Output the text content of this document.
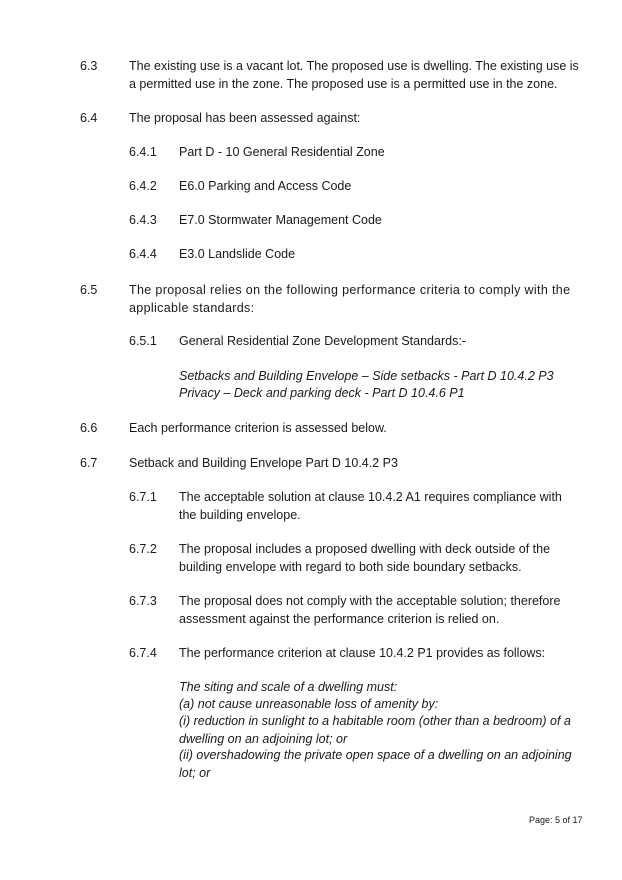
6.3	The existing use is a vacant lot. The proposed use is dwelling. The existing use is a permitted use in the zone. The proposed use is a permitted use in the zone.
6.4	The proposal has been assessed against:
6.4.1 Part D - 10 General Residential Zone
6.4.2 E6.0 Parking and Access Code
6.4.3 E7.0 Stormwater Management Code
6.4.4 E3.0 Landslide Code
6.5	The proposal relies on the following performance criteria to comply with the applicable standards:
6.5.1 General Residential Zone Development Standards:-
Setbacks and Building Envelope – Side setbacks - Part D 10.4.2 P3
Privacy – Deck and parking deck - Part D 10.4.6 P1
6.6	Each performance criterion is assessed below.
6.7	Setback and Building Envelope Part D 10.4.2 P3
6.7.1 The acceptable solution at clause 10.4.2 A1 requires compliance with the building envelope.
6.7.2 The proposal includes a proposed dwelling with deck outside of the building envelope with regard to both side boundary setbacks.
6.7.3 The proposal does not comply with the acceptable solution; therefore assessment against the performance criterion is relied on.
6.7.4 The performance criterion at clause 10.4.2 P1 provides as follows:
The siting and scale of a dwelling must:
(a) not cause unreasonable loss of amenity by:
(i) reduction in sunlight to a habitable room (other than a bedroom) of a dwelling on an adjoining lot; or
(ii) overshadowing the private open space of a dwelling on an adjoining lot; or
Page: 5 of 17
